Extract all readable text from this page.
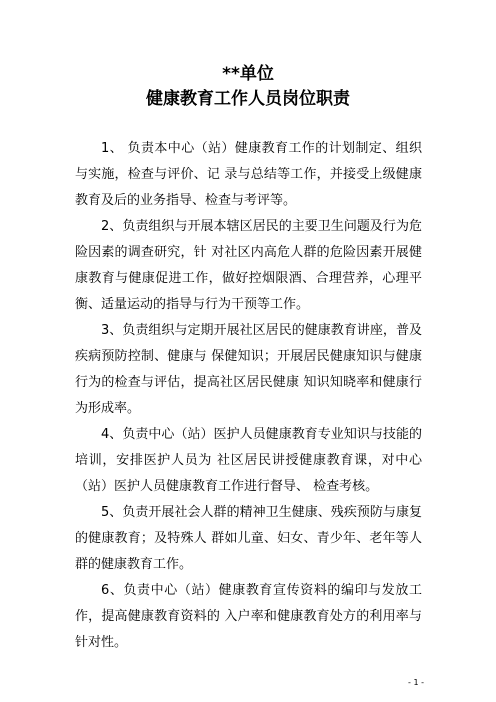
**单位
健康教育工作人员岗位职责

1、 负责本中心（站）健康教育工作的计划制定、组织与实施，检查与评价、记 录与总结等工作，并接受上级健康教育及后的业务指导、检查与考评等。

2、负责组织与开展本辖区居民的主要卫生问题及行为危险因素的调查研究，针 对社区内高危人群的危险因素开展健康教育与健康促进工作，做好控烟限酒、合理营养，心理平衡、适量运动的指导与行为干预等工作。

3、负责组织与定期开展社区居民的健康教育讲座，普及疾病预防控制、健康与 保健知识；开展居民健康知识与健康行为的检查与评估，提高社区居民健康 知识知晓率和健康行为形成率。

4、负责中心（站）医护人员健康教育专业知识与技能的培训，安排医护人员为 社区居民讲授健康教育课，对中心（站）医护人员健康教育工作进行督导、 检查考核。

5、负责开展社会人群的精神卫生健康、残疾预防与康复的健康教育；及特殊人 群如儿童、妇女、青少年、老年等人群的健康教育工作。

6、负责中心（站）健康教育宣传资料的编印与发放工作，提高健康教育资料的 入户率和健康教育处方的利用率与针对性。

- 1 -
